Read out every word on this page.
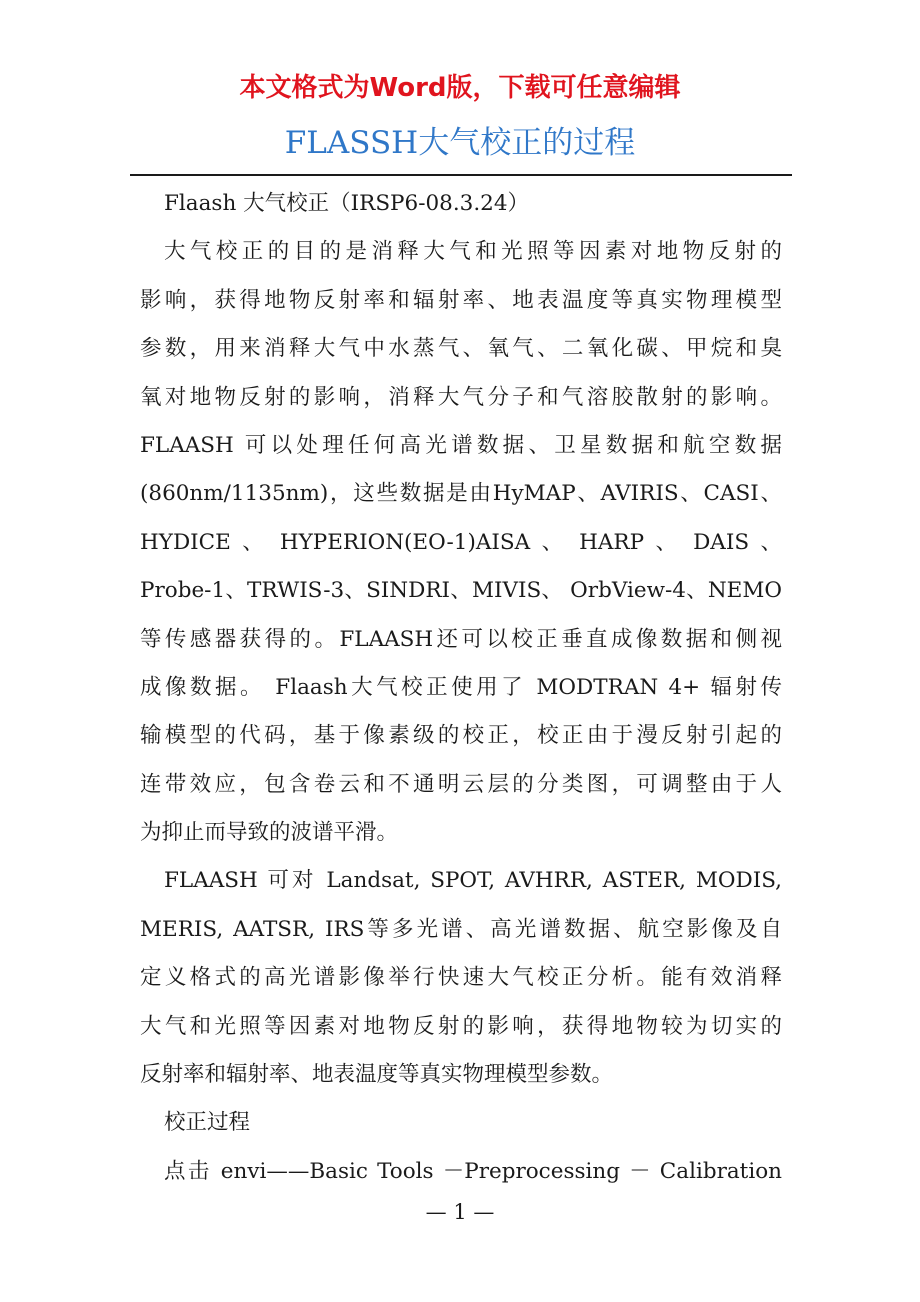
本文格式为Word版，下载可任意编辑
FLASSH大气校正的过程
Flaash 大气校正（IRSP6-08.3.24）
大气校正的目的是消释大气和光照等因素对地物反射的
影响，获得地物反射率和辐射率、地表温度等真实物理模型
参数，用来消释大气中水蒸气、氧气、二氧化碳、甲烷和臭
氧对地物反射的影响，消释大气分子和气溶胶散射的影响。
FLAASH 可以处理任何高光谱数据、卫星数据和航空数据
(860nm/1135nm)，这些数据是由HyMAP、AVIRIS、CASI、
HYDICE 、 HYPERION(EO-1)AISA 、 HARP 、 DAIS 、
Probe-1、TRWIS-3、SINDRI、MIVIS、 OrbView-4、NEMO
等传感器获得的。FLAASH还可以校正垂直成像数据和侧视
成像数据。 Flaash大气校正使用了 MODTRAN 4+ 辐射传
输模型的代码，基于像素级的校正，校正由于漫反射引起的
连带效应，包含卷云和不通明云层的分类图，可调整由于人
为抑止而导致的波谱平滑。
FLAASH 可对 Landsat, SPOT, AVHRR, ASTER, MODIS,
MERIS, AATSR, IRS等多光谱、高光谱数据、航空影像及自
定义格式的高光谱影像举行快速大气校正分析。能有效消释
大气和光照等因素对地物反射的影响，获得地物较为切实的
反射率和辐射率、地表温度等真实物理模型参数。
校正过程
点击 envi——Basic Tools －Preprocessing － Calibration
— 1 —
